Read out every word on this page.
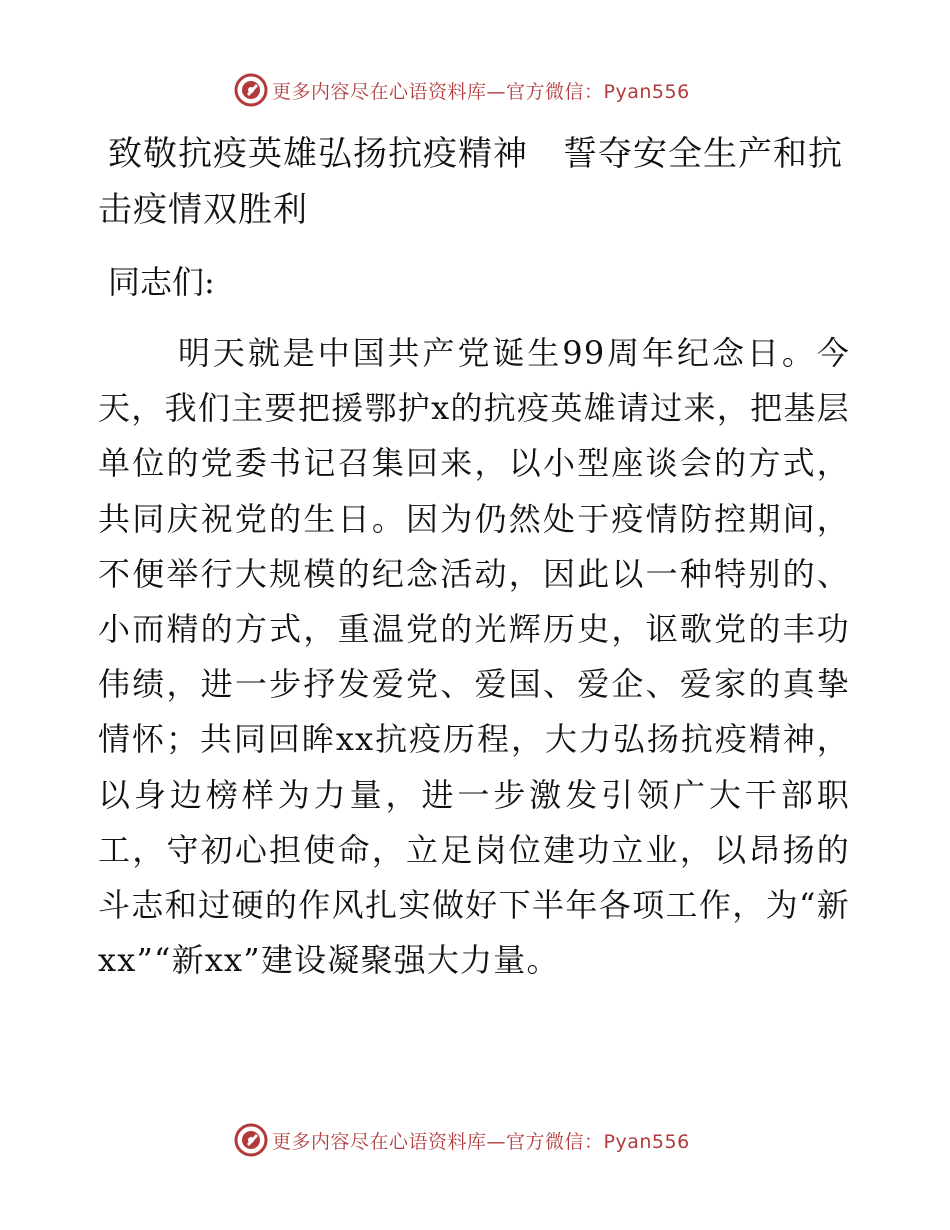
更多内容尽在心语资料库—官方微信：Pyan556
致敬抗疫英雄弘扬抗疫精神　誓夺安全生产和抗击疫情双胜利

同志们:

明天就是中国共产党诞生99周年纪念日。今天，我们主要把援鄂护x的抗疫英雄请过来，把基层单位的党委书记召集回来，以小型座谈会的方式，共同庆祝党的生日。因为仍然处于疫情防控期间，不便举行大规模的纪念活动，因此以一种特别的、小而精的方式，重温党的光辉历史，讴歌党的丰功伟绩，进一步抒发爱党、爱国、爱企、爱家的真挚情怀；共同回眸xx抗疫历程，大力弘扬抗疫精神，以身边榜样为力量，进一步激发引领广大干部职工，守初心担使命，立足岗位建功立业，以昂扬的斗志和过硬的作风扎实做好下半年各项工作，为“新xx”“新xx”建设凝聚强大力量。

更多内容尽在心语资料库—官方微信：Pyan556
